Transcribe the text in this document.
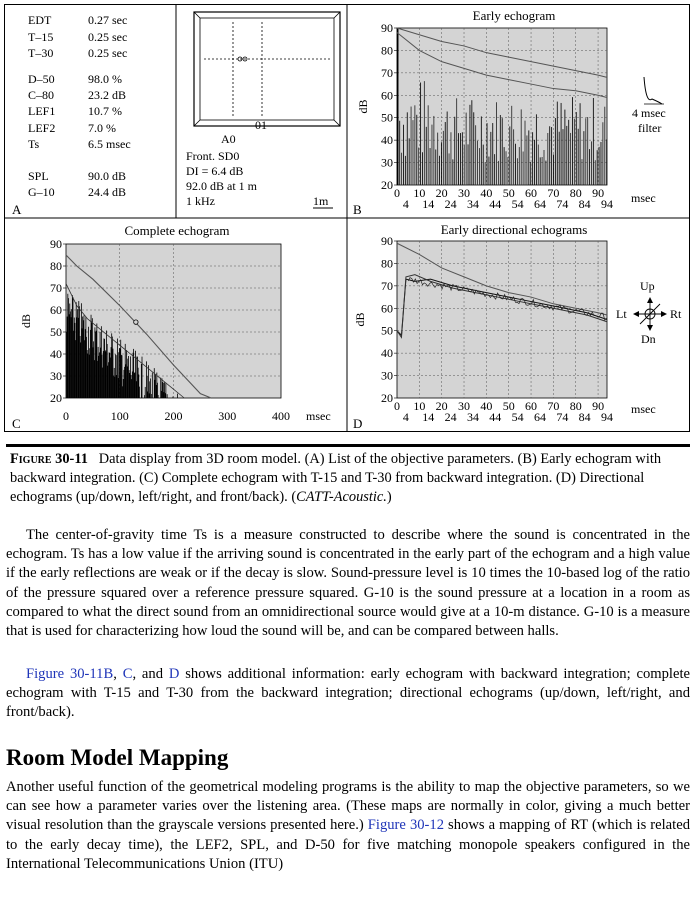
EDT	0.27 sec
T–15	0.25 sec
T–30	0.25 sec
D–50	98.0 %
C–80	23.2 dB
LEF1	10.7 %
LEF2	7.0 %
Ts	6.5 msec
SPL	90.0 dB
G–10	24.4 dB
01
A0
Front. SD0
DI = 6.4 dB
92.0 dB at 1 m
1 kHz	1m
A	B
4 msec
filter
C	D
Up
Dn
Lt	Rt
20
30
40
50
60
70
80
90
dB
Early echogram
0 10 20 30 40 50 60 70 80 90
4 14 24 34 44 54 64 74 84 94 msec
20
30
40
50
60
70
80
90
dB
Complete echogram
0	100	200	300	400 msec
20
30
40
50
60
70
80
90
dB
Early directional echograms
0 10 20 30 40 50 60 70 80 90
4 14 24 34 44 54 64 74 84 94
msec
Figure 30-11 Data display from 3D room model. (A) List of the objective parameters. (B) Early echogram with backward integration. (C) Complete echogram with T-15 and T-30 from backward integration. (D) Directional echograms (up/down, left/right, and front/back). (CATT-Acoustic.)
The center-of-gravity time Ts is a measure constructed to describe where the sound is concentrated in the echogram. Ts has a low value if the arriving sound is concentrated in the early part of the echogram and a high value if the early reflections are weak or if the decay is slow. Sound-pressure level is 10 times the 10-based log of the ratio of the pressure squared over a reference pressure squared. G-10 is the sound pressure at a location in a room as compared to what the direct sound from an omnidirectional source would give at a 10-m distance. G-10 is a measure that is used for characterizing how loud the sound will be, and can be compared between halls.
Figure 30-11B, C, and D shows additional information: early echogram with backward integration; complete echogram with T-15 and T-30 from the backward integration; directional echograms (up/down, left/right, and front/back).
Room Model Mapping
Another useful function of the geometrical modeling programs is the ability to map the objective parameters, so we can see how a parameter varies over the listening area. (These maps are normally in color, giving a much better visual resolution than the grayscale versions presented here.) Figure 30-12 shows a mapping of RT (which is related to the early decay time), the LEF2, SPL, and D-50 for five matching monopole speakers configured in the International Telecommunications Union (ITU)
